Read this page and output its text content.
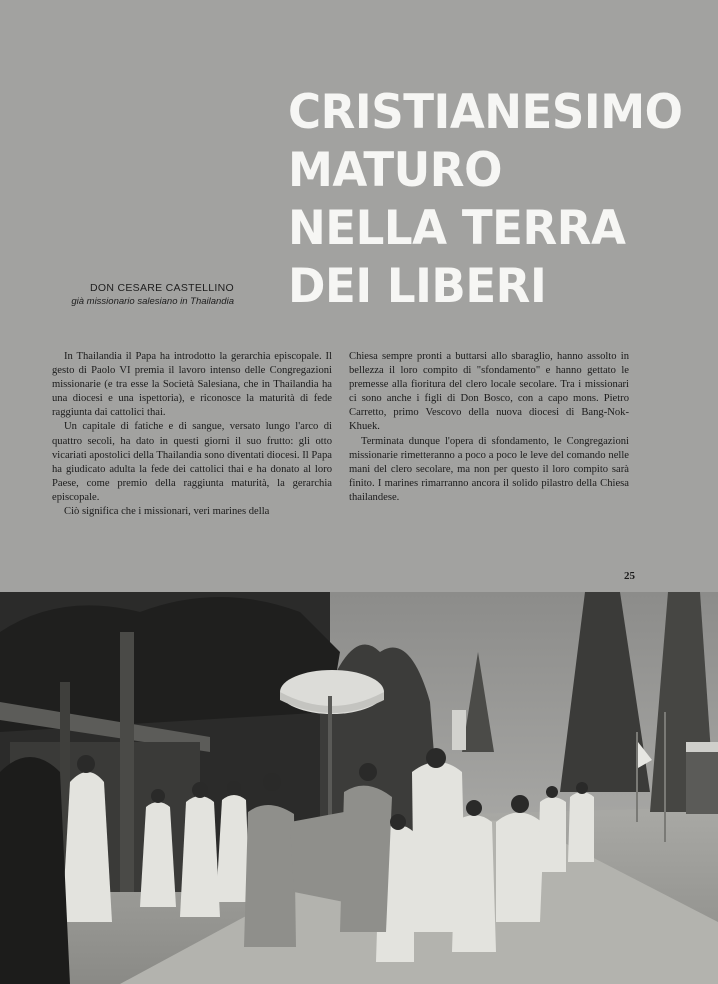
CRISTIANESIMO
MATURO
NELLA TERRA
DEI LIBERI
DON CESARE CASTELLINO
già missionario salesiano in Thailandia

In Thailandia il Papa ha introdotto la gerarchia episcopale. Il gesto di Paolo VI premia il lavoro intenso delle Congregazioni missionarie (e tra esse la Società Salesiana, che in Thailandia ha una diocesi e una ispettoria), e riconosce la maturità di fede raggiunta dai cattolici thai.

Un capitale di fatiche e di sangue, versato lungo l'arco di quattro secoli, ha dato in questi giorni il suo frutto: gli otto vicariati apostolici della Thailandia sono diventati diocesi. Il Papa ha giudicato adulta la fede dei cattolici thai e ha donato al loro Paese, come premio della raggiunta maturità, la gerarchia episcopale.

Ciò significa che i missionari, veri marines della

Chiesa sempre pronti a buttarsi allo sbaraglio, hanno assolto in bellezza il loro compito di "sfondamento" e hanno gettato le premesse alla fioritura del clero locale secolare. Tra i missionari ci sono anche i figli di Don Bosco, con a capo mons. Pietro Carretto, primo Vescovo della nuova diocesi di Bang-Nok-Khuek.

Terminata dunque l'opera di sfondamento, le Congregazioni missionarie rimetteranno a poco a poco le leve del comando nelle mani del clero secolare, ma non per questo il loro compito sarà finito. I marines rimarranno ancora il solido pilastro della Chiesa thailandese.

25
